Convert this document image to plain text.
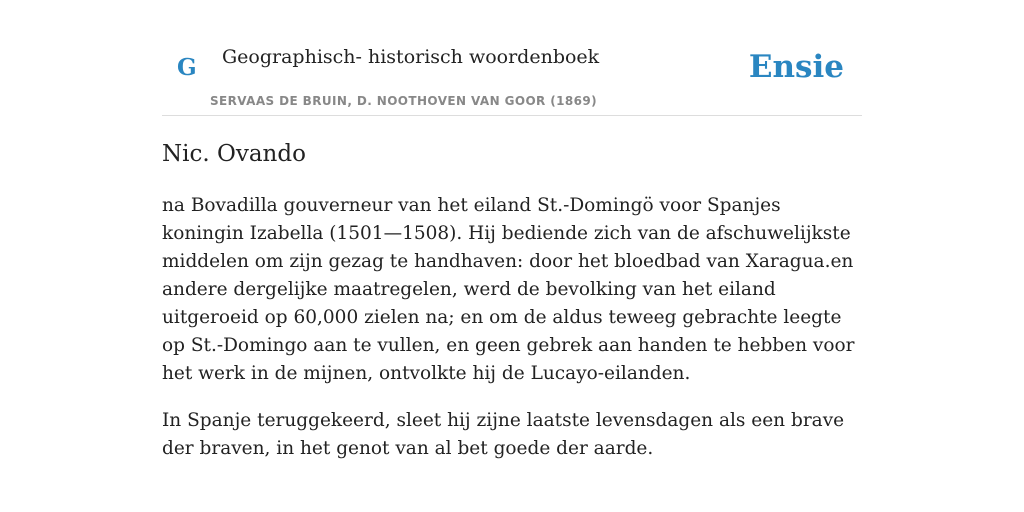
G Geographisch- historisch woordenboek
SERVAAS DE BRUIN, D. NOOTHOVEN VAN GOOR (1869)
Ensie
Nic. Ovando

na Bovadilla gouverneur van het eiland St.-Domingö voor Spanjes koningin Izabella (1501—1508). Hij bediende zich van de afschuwelijkste middelen om zijn gezag te handhaven: door het bloedbad van Xaragua.en andere dergelijke maatregelen, werd de bevolking van het eiland uitgeroeid op 60,000 zielen na; en om de aldus teweeg gebrachte leegte op St.-Domingo aan te vullen, en geen gebrek aan handen te hebben voor het werk in de mijnen, ontvolkte hij de Lucayo-eilanden.

In Spanje teruggekeerd, sleet hij zijne laatste levensdagen als een brave der braven, in het genot van al bet goede der aarde.
